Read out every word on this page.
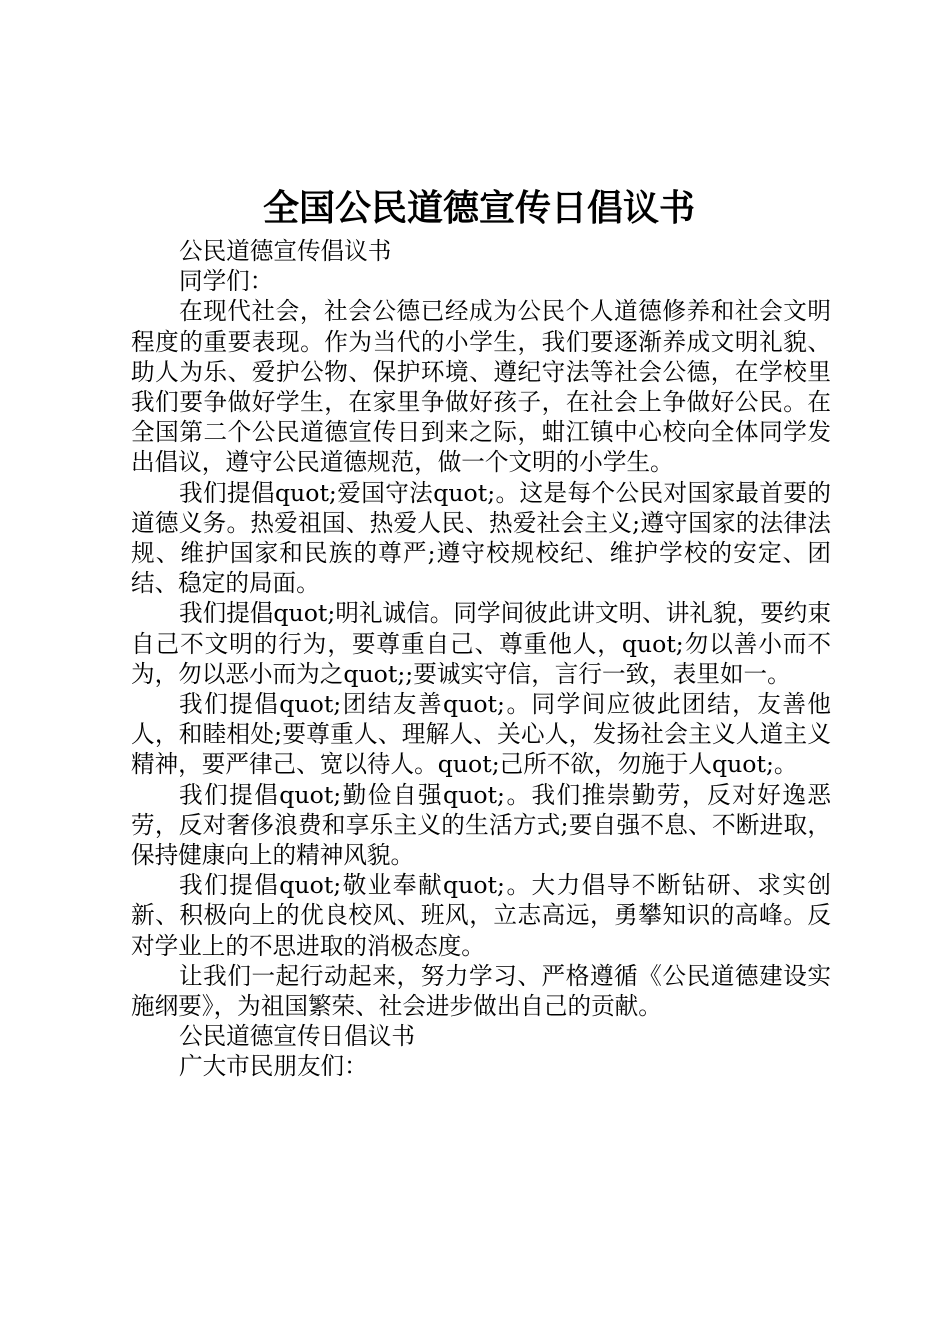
全国公民道德宣传日倡议书

公民道德宣传倡议书

同学们：

在现代社会，社会公德已经成为公民个人道德修养和社会文明程度的重要表现。作为当代的小学生，我们要逐渐养成文明礼貌、助人为乐、爱护公物、保护环境、遵纪守法等社会公德，在学校里我们要争做好学生，在家里争做好孩子，在社会上争做好公民。在全国第二个公民道德宣传日到来之际，蚶江镇中心校向全体同学发出倡议，遵守公民道德规范，做一个文明的小学生。

我们提倡quot;爱国守法quot;。这是每个公民对国家最首要的道德义务。热爱祖国、热爱人民、热爱社会主义;遵守国家的法律法规、维护国家和民族的尊严;遵守校规校纪、维护学校的安定、团结、稳定的局面。

我们提倡quot;明礼诚信。同学间彼此讲文明、讲礼貌，要约束自己不文明的行为，要尊重自己、尊重他人，quot;勿以善小而不为，勿以恶小而为之quot;;要诚实守信，言行一致，表里如一。

我们提倡quot;团结友善quot;。同学间应彼此团结，友善他人，和睦相处;要尊重人、理解人、关心人，发扬社会主义人道主义精神，要严律己、宽以待人。quot;己所不欲，勿施于人quot;。

我们提倡quot;勤俭自强quot;。我们推崇勤劳，反对好逸恶劳，反对奢侈浪费和享乐主义的生活方式;要自强不息、不断进取，保持健康向上的精神风貌。

我们提倡quot;敬业奉献quot;。大力倡导不断钻研、求实创新、积极向上的优良校风、班风，立志高远，勇攀知识的高峰。反对学业上的不思进取的消极态度。

让我们一起行动起来，努力学习、严格遵循《公民道德建设实施纲要》，为祖国繁荣、社会进步做出自己的贡献。

公民道德宣传日倡议书

广大市民朋友们：
